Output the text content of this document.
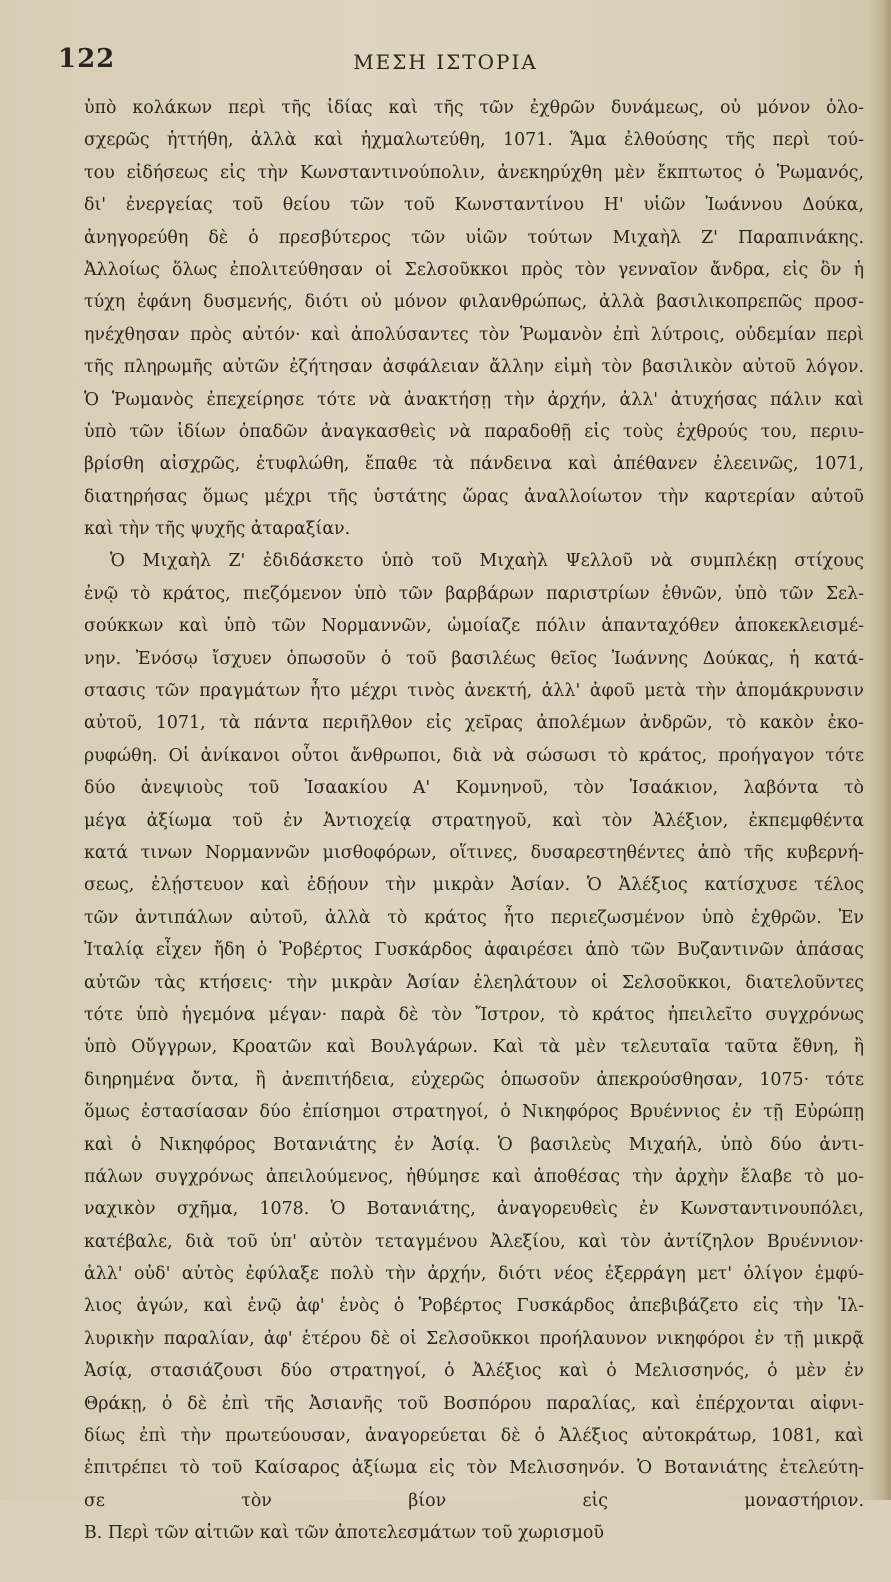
122	ΜΕΣΗ ΙΣΤΟΡΙΑ
ὑπὸ κολάκων περὶ τῆς ἰδίας καὶ τῆς τῶν ἐχθρῶν δυνάμεως, οὐ μόνον ὁλο-
σχερῶς ἡττήθη, ἀλλὰ καὶ ἠχμαλωτεύθη, 1071. Ἅμα ἐλθούσης τῆς περὶ τού-
του εἰδήσεως εἰς τὴν Κωνσταντινούπολιν, ἀνεκηρύχθη μὲν ἔκπτωτος ὁ Ῥωμανός,
δι' ἐνεργείας τοῦ θείου τῶν τοῦ Κωνσταντίνου Η' υἱῶν Ἰωάννου Δούκα,
ἀνηγορεύθη δὲ ὁ πρεσβύτερος τῶν υἱῶν τούτων Μιχαὴλ Ζ' Παραπινάκης.
Ἀλλοίως ὅλως ἐπολιτεύθησαν οἱ Σελσοῦκκοι πρὸς τὸν γενναῖον ἄνδρα, εἰς ὃν ἡ
τύχη ἐφάνη δυσμενής, διότι οὐ μόνον φιλανθρώπως, ἀλλὰ βασιλικοπρεπῶς προσ-
ηνέχθησαν πρὸς αὐτόν· καὶ ἀπολύσαντες τὸν Ῥωμανὸν ἐπὶ λύτροις, οὐδεμίαν περὶ
τῆς πληρωμῆς αὐτῶν ἐζήτησαν ἀσφάλειαν ἄλλην εἰμὴ τὸν βασιλικὸν αὐτοῦ λόγον.
Ὁ Ῥωμανὸς ἐπεχείρησε τότε νὰ ἀνακτήσῃ τὴν ἀρχήν, ἀλλ' ἀτυχήσας πάλιν καὶ
ὑπὸ τῶν ἰδίων ὀπαδῶν ἀναγκασθεὶς νὰ παραδοθῇ εἰς τοὺς ἐχθρούς του, περιυ-
βρίσθη αἰσχρῶς, ἐτυφλώθη, ἔπαθε τὰ πάνδεινα καὶ ἀπέθανεν ἐλεεινῶς, 1071,
διατηρήσας ὅμως μέχρι τῆς ὑστάτης ὥρας ἀναλλοίωτον τὴν καρτερίαν αὐτοῦ
καὶ τὴν τῆς ψυχῆς ἀταραξίαν.
Ὁ Μιχαὴλ Ζ' ἐδιδάσκετο ὑπὸ τοῦ Μιχαὴλ Ψελλοῦ νὰ συμπλέκῃ στίχους
ἐνῷ τὸ κράτος, πιεζόμενον ὑπὸ τῶν βαρβάρων παριστρίων ἐθνῶν, ὑπὸ τῶν Σελ-
σούκκων καὶ ὑπὸ τῶν Νορμαννῶν, ὡμοίαζε πόλιν ἁπανταχόθεν ἀποκεκλεισμέ-
νην. Ἐνόσῳ ἴσχυεν ὁπωσοῦν ὁ τοῦ βασιλέως θεῖος Ἰωάννης Δούκας, ἡ κατά-
στασις τῶν πραγμάτων ἦτο μέχρι τινὸς ἀνεκτή, ἀλλ' ἀφοῦ μετὰ τὴν ἀπομάκρυνσιν
αὐτοῦ, 1071, τὰ πάντα περιῆλθον εἰς χεῖρας ἀπολέμων ἀνδρῶν, τὸ κακὸν ἐκο-
ρυφώθη. Οἱ ἀνίκανοι οὗτοι ἄνθρωποι, διὰ νὰ σώσωσι τὸ κράτος, προήγαγον τότε
δύο ἀνεψιοὺς τοῦ Ἰσαακίου Α' Κομνηνοῦ, τὸν Ἰσαάκιον, λαβόντα τὸ
μέγα ἀξίωμα τοῦ ἐν Ἀντιοχείᾳ στρατηγοῦ, καὶ τὸν Ἀλέξιον, ἐκπεμφθέντα
κατά τινων Νορμαννῶν μισθοφόρων, οἵτινες, δυσαρεστηθέντες ἀπὸ τῆς κυβερνή-
σεως, ἐλῄστευον καὶ ἐδῄουν τὴν μικρὰν Ἀσίαν. Ὁ Ἀλέξιος κατίσχυσε τέλος
τῶν ἀντιπάλων αὐτοῦ, ἀλλὰ τὸ κράτος ἦτο περιεζωσμένον ὑπὸ ἐχθρῶν. Ἐν
Ἰταλίᾳ εἶχεν ἤδη ὁ Ῥοβέρτος Γυσκάρδος ἀφαιρέσει ἀπὸ τῶν Βυζαντινῶν ἁπάσας
αὐτῶν τὰς κτήσεις· τὴν μικρὰν Ἀσίαν ἐλεηλάτουν οἱ Σελσοῦκκοι, διατελοῦντες
τότε ὑπὸ ἡγεμόνα μέγαν· παρὰ δὲ τὸν Ἴστρον, τὸ κράτος ἠπειλεῖτο συγχρόνως
ὑπὸ Οὔγγρων, Κροατῶν καὶ Βουλγάρων. Καὶ τὰ μὲν τελευταῖα ταῦτα ἔθνη, ἢ
διηρημένα ὄντα, ἢ ἀνεπιτήδεια, εὐχερῶς ὁπωσοῦν ἀπεκρούσθησαν, 1075· τότε
ὅμως ἐστασίασαν δύο ἐπίσημοι στρατηγοί, ὁ Νικηφόρος Βρυέννιος ἐν τῇ Εὐρώπῃ
καὶ ὁ Νικηφόρος Βοτανιάτης ἐν Ἀσίᾳ. Ὁ βασιλεὺς Μιχαήλ, ὑπὸ δύο ἀντι-
πάλων συγχρόνως ἀπειλούμενος, ἠθύμησε καὶ ἀποθέσας τὴν ἀρχὴν ἔλαβε τὸ μο-
ναχικὸν σχῆμα, 1078. Ὁ Βοτανιάτης, ἀναγορευθεὶς ἐν Κωνσταντινουπόλει,
κατέβαλε, διὰ τοῦ ὑπ' αὐτὸν τεταγμένου Ἀλεξίου, καὶ τὸν ἀντίζηλον Βρυέννιον·
ἀλλ' οὐδ' αὐτὸς ἐφύλαξε πολὺ τὴν ἀρχήν, διότι νέος ἐξερράγη μετ' ὀλίγον ἐμφύ-
λιος ἀγών, καὶ ἐνῷ ἀφ' ἑνὸς ὁ Ῥοβέρτος Γυσκάρδος ἀπεβιβάζετο εἰς τὴν Ἰλ-
λυρικὴν παραλίαν, ἀφ' ἑτέρου δὲ οἱ Σελσοῦκκοι προήλαυνον νικηφόροι ἐν τῇ μικρᾷ
Ἀσίᾳ, στασιάζουσι δύο στρατηγοί, ὁ Ἀλέξιος καὶ ὁ Μελισσηνός, ὁ μὲν ἐν
Θράκῃ, ὁ δὲ ἐπὶ τῆς Ἀσιανῆς τοῦ Βοσπόρου παραλίας, καὶ ἐπέρχονται αἰφνι-
δίως ἐπὶ τὴν πρωτεύουσαν, ἀναγορεύεται δὲ ὁ Ἀλέξιος αὐτοκράτωρ, 1081, καὶ
ἐπιτρέπει τὸ τοῦ Καίσαρος ἀξίωμα εἰς τὸν Μελισσηνόν. Ὁ Βοτανιάτης ἐτελεύτη-
σε τὸν βίον εἰς μοναστήριον.
Β. Περὶ τῶν αἰτιῶν καὶ τῶν ἀποτελεσμάτων τοῦ χωρισμοῦ
